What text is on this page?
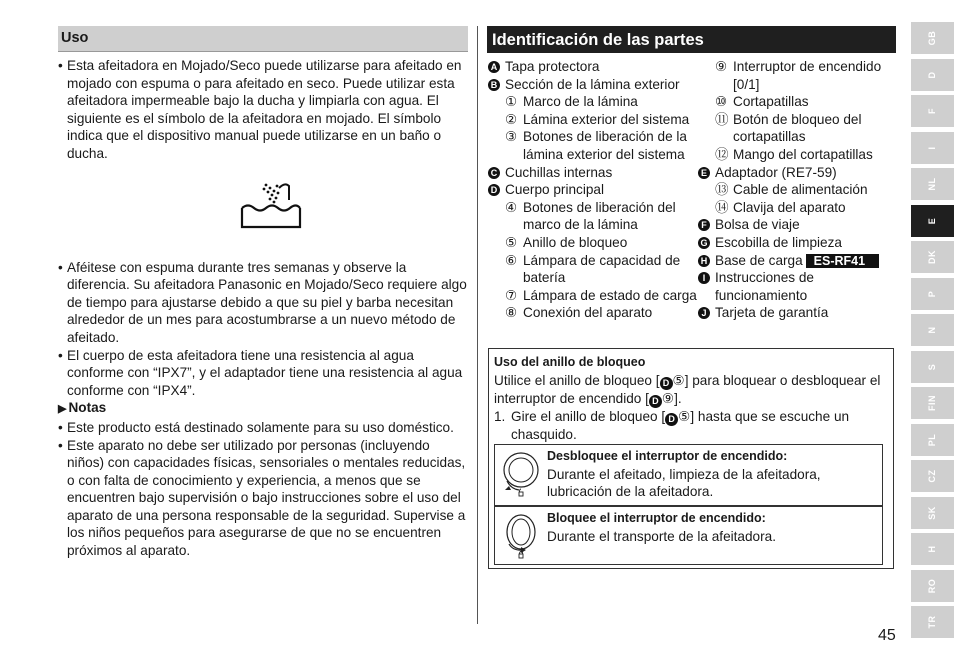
Uso
• Esta afeitadora en Mojado/Seco puede utilizarse para afeitado en mojado con espuma o para afeitado en seco. Puede utilizar esta afeitadora impermeable bajo la ducha y limpiarla con agua. El siguiente es el símbolo de la afeitadora en mojado. El símbolo indica que el dispositivo manual puede utilizarse en un baño o ducha.
• Aféitese con espuma durante tres semanas y observe la diferencia. Su afeitadora Panasonic en Mojado/Seco requiere algo de tiempo para ajustarse debido a que su piel y barba necesitan alrededor de un mes para acostumbrarse a un nuevo método de afeitado.
• El cuerpo de esta afeitadora tiene una resistencia al agua conforme con “IPX7”, y el adaptador tiene una resistencia al agua conforme con “IPX4”.
▶ Notas
• Este producto está destinado solamente para su uso doméstico.
• Este aparato no debe ser utilizado por personas (incluyendo niños) con capacidades físicas, sensoriales o mentales reducidas, o con falta de conocimiento y experiencia, a menos que se encuentren bajo supervisión o bajo instrucciones sobre el uso del aparato de una persona responsable de la seguridad. Supervise a los niños pequeños para asegurarse de que no se encuentren próximos al aparato.
Identificación de las partes
A Tapa protectora
B Sección de la lámina exterior
① Marco de la lámina
② Lámina exterior del sistema
③ Botones de liberación de la lámina exterior del sistema
C Cuchillas internas
D Cuerpo principal
④ Botones de liberación del marco de la lámina
⑤ Anillo de bloqueo
⑥ Lámpara de capacidad de batería
⑦ Lámpara de estado de carga
⑧ Conexión del aparato
⑨ Interruptor de encendido [0/1]
⑩ Cortapatillas
⑪ Botón de bloqueo del cortapatillas
⑫ Mango del cortapatillas
E Adaptador (RE7-59)
⑬ Cable de alimentación
⑭ Clavija del aparato
F Bolsa de viaje
G Escobilla de limpieza
H Base de carga ES-RF41
I Instrucciones de funcionamiento
J Tarjeta de garantía
Uso del anillo de bloqueo
Utilice el anillo de bloqueo [ D ⑤] para bloquear o desbloquear el interruptor de encendido [ D ⑨].
1. Gire el anillo de bloqueo [ D ⑤] hasta que se escuche un chasquido.
Desbloquee el interruptor de encendido:
Durante el afeitado, limpieza de la afeitadora, lubricación de la afeitadora.
Bloquee el interruptor de encendido:
Durante el transporte de la afeitadora.
GB
D
F
I
NL
E
DK
P
N
S
FIN
PL
CZ
SK
H
RO
TR
45
